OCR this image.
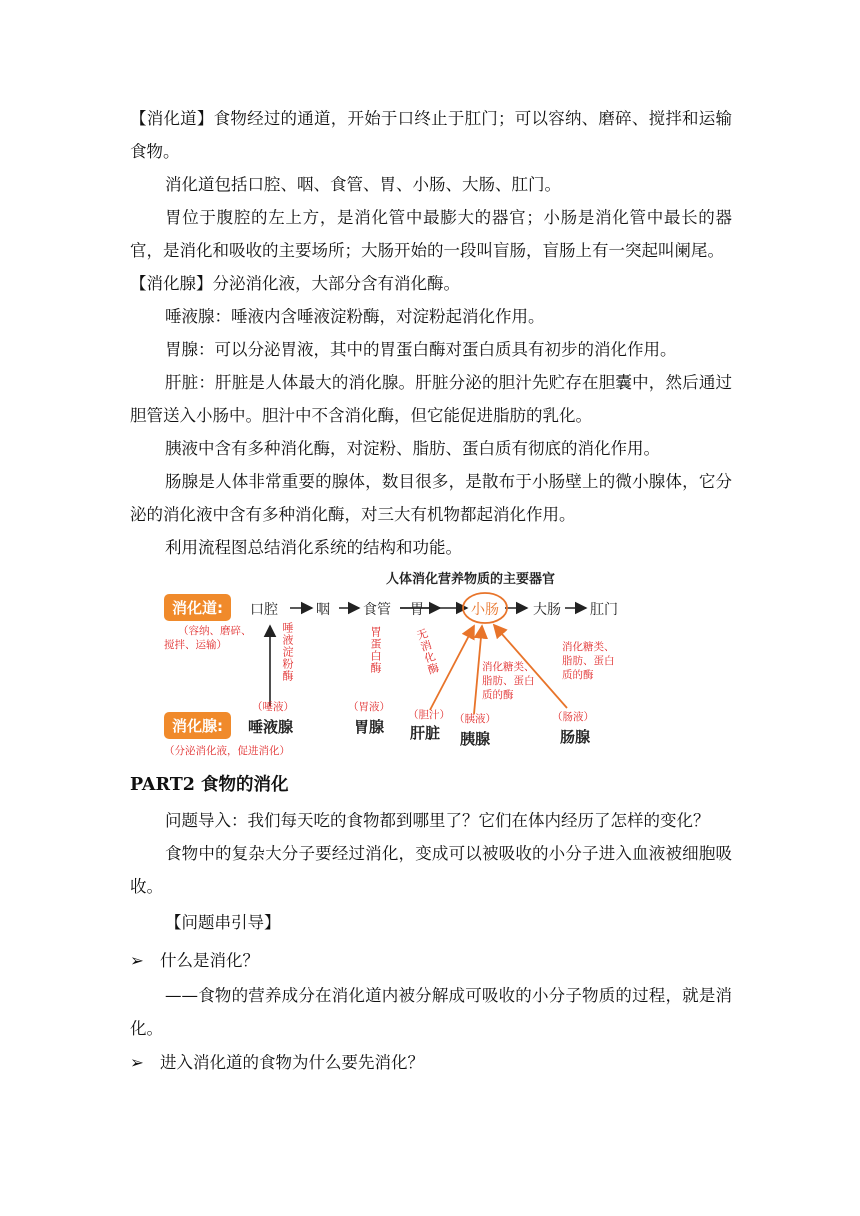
【消化道】食物经过的通道，开始于口终止于肛门；可以容纳、磨碎、搅拌和运输食物。

消化道包括口腔、咽、食管、胃、小肠、大肠、肛门。

胃位于腹腔的左上方，是消化管中最膨大的器官；小肠是消化管中最长的器官，是消化和吸收的主要场所；大肠开始的一段叫盲肠，盲肠上有一突起叫阑尾。

【消化腺】分泌消化液，大部分含有消化酶。

唾液腺：唾液内含唾液淀粉酶，对淀粉起消化作用。

胃腺：可以分泌胃液，其中的胃蛋白酶对蛋白质具有初步的消化作用。

肝脏：肝脏是人体最大的消化腺。肝脏分泌的胆汁先贮存在胆囊中，然后通过胆管送入小肠中。胆汁中不含消化酶，但它能促进脂肪的乳化。

胰液中含有多种消化酶，对淀粉、脂肪、蛋白质有彻底的消化作用。

肠腺是人体非常重要的腺体，数目很多，是散布于小肠壁上的微小腺体，它分泌的消化液中含有多种消化酶，对三大有机物都起消化作用。

利用流程图总结消化系统的结构和功能。

人体消化营养物质的主要器官
消化道:
（容纳、磨碎、
搅拌、运输）
口腔	咽 食管 胃	小肠 大肠 肛门
唾液淀粉酶	胃蛋白酶	无消化酶	消化糖类、
脂肪、蛋白
质的酶
消化糖类、
脂肪、蛋白
质的酶
消化腺:
（分泌消化液，促进消化）
（唾液）
唾液腺
（胃液）
胃腺
（胆汁）
肝脏
（胰液）
胰腺
（肠液）
肠腺
PART2 食物的消化

问题导入：我们每天吃的食物都到哪里了？它们在体内经历了怎样的变化？

食物中的复杂大分子要经过消化，变成可以被吸收的小分子进入血液被细胞吸收。

【问题串引导】

➢ 什么是消化？

——食物的营养成分在消化道内被分解成可吸收的小分子物质的过程，就是消化。

➢ 进入消化道的食物为什么要先消化？
